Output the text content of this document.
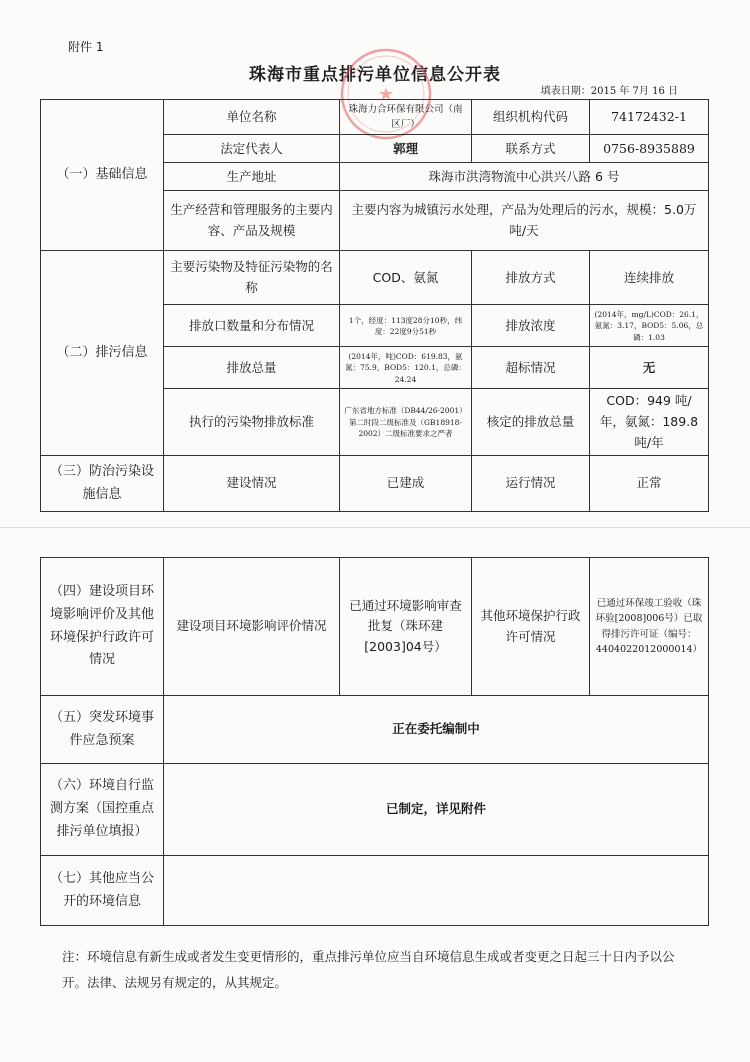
附件 1
珠海市重点排污单位信息公开表
填表日期：2015 年 7月 16 日
★
（一）基础信息	单位名称	珠海力合环保有限公司（南区厂）	组织机构代码	74172432-1
	法定代表人	郭理	联系方式	0756-8935889
	生产地址	珠海市洪湾物流中心洪兴八路 6 号		
	生产经营和管理服务的主要内容、产品及规模	主要内容为城镇污水处理，产品为处理后的污水，规模：5.0万吨/天		
（二）排污信息	主要污染物及特征污染物的名称	COD、氨氮	排放方式	连续排放
	排放口数量和分布情况	1个，经度：113度28分10秒，纬度：22度9分51秒	排放浓度	(2014年，mg/L)COD：26.1，氨氮：3.17，BOD5：5.06，总磷：1.03
	排放总量	(2014年，吨)COD：619.83，氨氮：75.9，BOD5：120.1，总磷：24.24	超标情况	无
	执行的污染物排放标准	广东省地方标准（DB44/26-2001）第二时段二级标准及（GB18918-2002）二级标准要求之严者	核定的排放总量	COD：949 吨/年，氨氮：189.8吨/年
（三）防治污染设施信息	建设情况	已建成	运行情况	正常
（四）建设项目环境影响评价及其他环境保护行政许可情况	建设项目环境影响评价情况	已通过环境影响审查批复（珠环建[2003]04号）	其他环境保护行政许可情况	已通过环保竣工验收（珠环验[2008]006号）已取得排污许可证（编号：4404022012000014）
（五）突发环境事件应急预案	正在委托编制中			
（六）环境自行监测方案（国控重点排污单位填报）	已制定，详见附件			
（七）其他应当公开的环境信息				
注：环境信息有新生成或者发生变更情形的，重点排污单位应当自环境信息生成或者变更之日起三十日内予以公开。法律、法规另有规定的，从其规定。
